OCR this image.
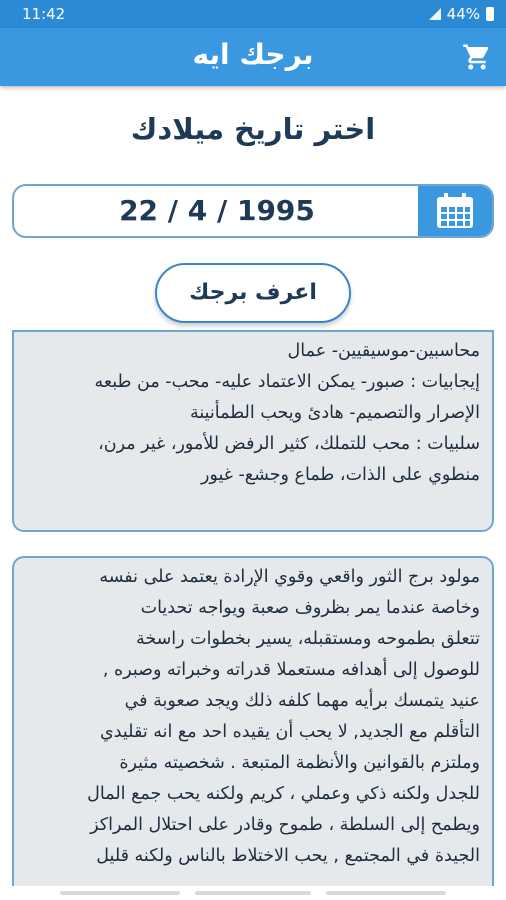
11:42	44%
برجك ايه
اختر تاريخ ميلادك
22 / 4 / 1995
اعرف برجك
محاسبين-موسيقيين- عمال
إيجابيات : صبور- يمكن الاعتماد عليه- محب- من طبعه
الإصرار والتصميم- هادئ ويحب الطمأنينة
سلبيات : محب للتملك، كثير الرفض للأمور، غير مرن،
منطوي على الذات، طماع وجشع- غيور
مولود برج الثور واقعي وقوي الإرادة يعتمد على نفسه
وخاصة عندما يمر بظروف صعبة ويواجه تحديات
تتعلق بطموحه ومستقبله، يسير بخطوات راسخة
للوصول إلى أهدافه مستعملا قدراته وخبراته وصبره ,
عنيد يتمسك برأيه مهما كلفه ذلك ويجد صعوبة في
التأقلم مع الجديد, لا يحب أن يقيده احد مع انه تقليدي
وملتزم بالقوانين والأنظمة المتبعة . شخصيته مثيرة
للجدل ولكنه ذكي وعملي ، كريم ولكنه يحب جمع المال
ويطمح إلى السلطة ، طموح وقادر على احتلال المراكز
الجيدة في المجتمع , يحب الاختلاط بالناس ولكنه قليل
